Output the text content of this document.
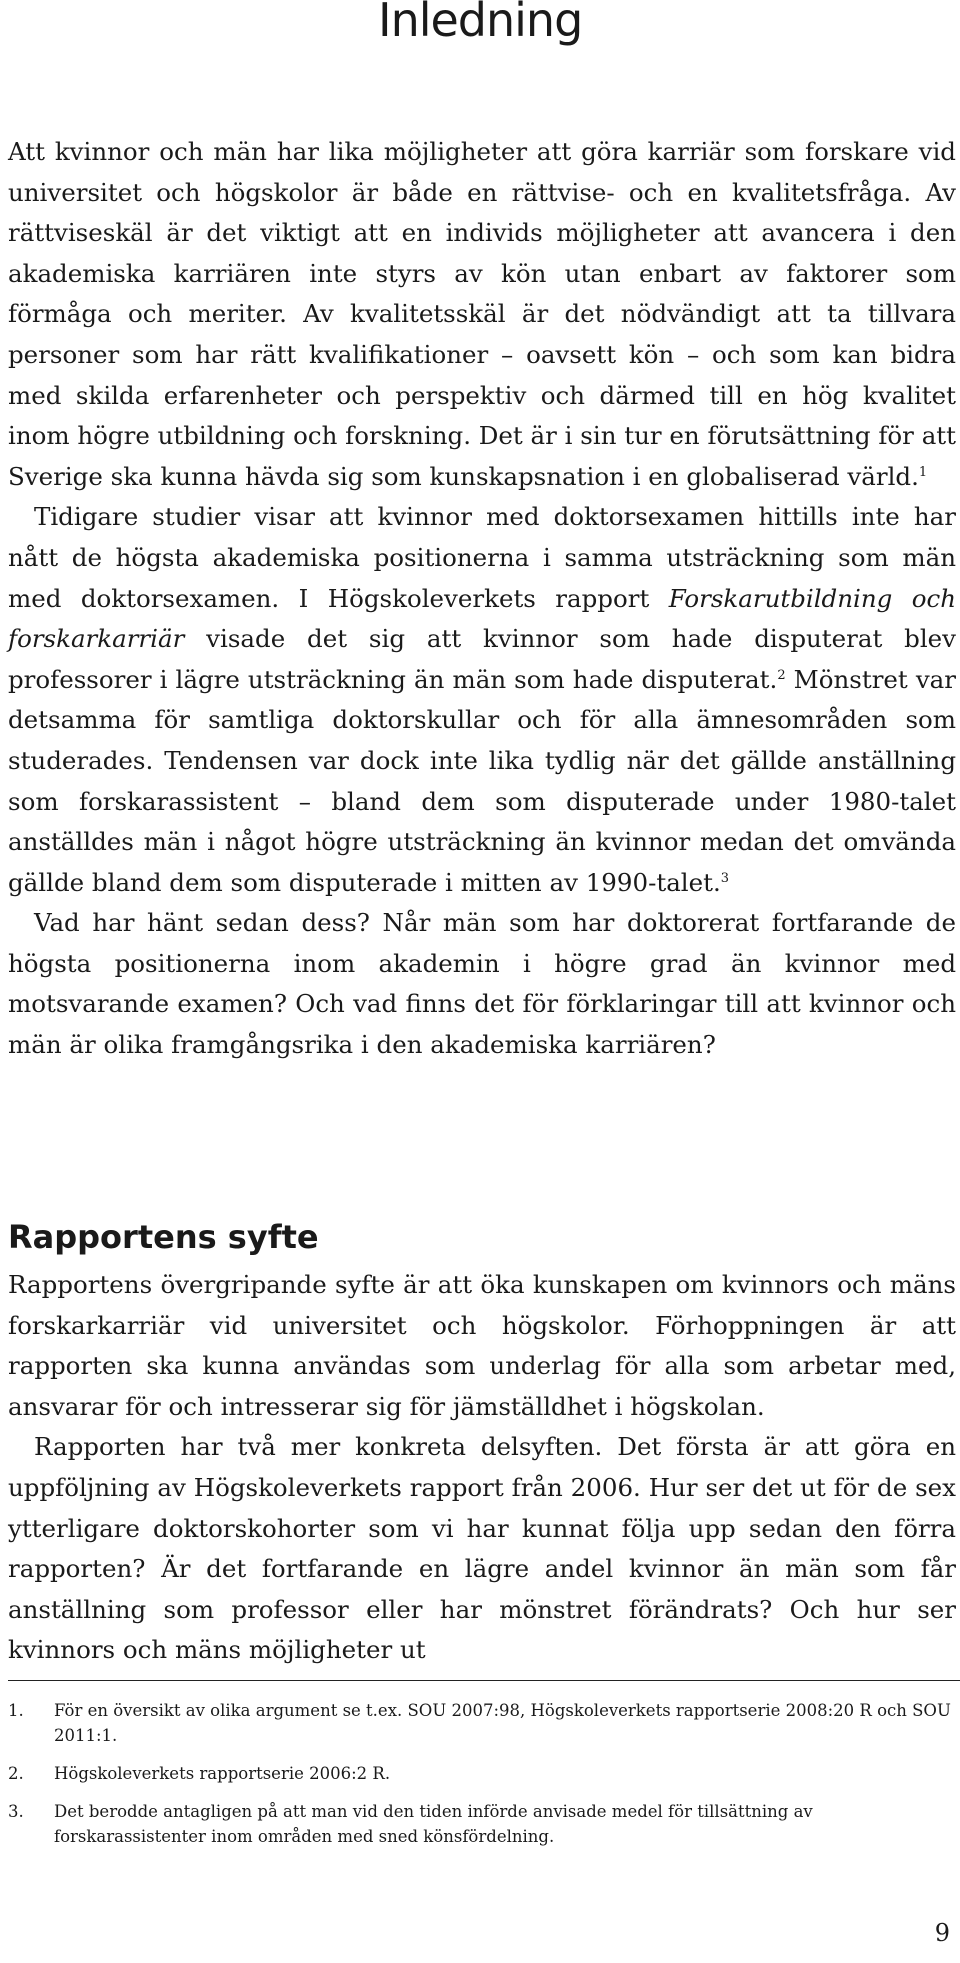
Inledning

Att kvinnor och män har lika möjligheter att göra karriär som forskare vid universitet och högskolor är både en rättvise- och en kvalitetsfråga. Av rättviseskäl är det viktigt att en individs möjligheter att avancera i den akademiska karriären inte styrs av kön utan enbart av faktorer som förmåga och meriter. Av kvalitetsskäl är det nödvändigt att ta tillvara personer som har rätt kvalifikationer – oavsett kön – och som kan bidra med skilda erfarenheter och perspektiv och därmed till en hög kvalitet inom högre utbildning och forskning. Det är i sin tur en förutsättning för att Sverige ska kunna hävda sig som kunskapsnation i en globaliserad värld.$^1$

Tidigare studier visar att kvinnor med doktorsexamen hittills inte har nått de högsta akademiska positionerna i samma utsträckning som män med doktorsexamen. I Högskoleverkets rapport Forskarutbildning och forskarkarriär visade det sig att kvinnor som hade disputerat blev professorer i lägre utsträckning än män som hade disputerat.$^2$ Mönstret var detsamma för samtliga doktorskullar och för alla ämnesområden som studerades. Tendensen var dock inte lika tydlig när det gällde anställning som forskarassistent – bland dem som disputerade under 1980-talet anställdes män i något högre utsträckning än kvinnor medan det omvända gällde bland dem som disputerade i mitten av 1990-talet.$^3$

Vad har hänt sedan dess? Når män som har doktorerat fortfarande de högsta positionerna inom akademin i högre grad än kvinnor med motsvarande examen? Och vad finns det för förklaringar till att kvinnor och män är olika framgångsrika i den akademiska karriären?

Rapportens syfte

Rapportens övergripande syfte är att öka kunskapen om kvinnors och mäns forskarkarriär vid universitet och högskolor. Förhoppningen är att rapporten ska kunna användas som underlag för alla som arbetar med, ansvarar för och intresserar sig för jämställdhet i högskolan.

Rapporten har två mer konkreta delsyften. Det första är att göra en uppföljning av Högskoleverkets rapport från 2006. Hur ser det ut för de sex ytterligare doktorskohorter som vi har kunnat följa upp sedan den förra rapporten? Är det fortfarande en lägre andel kvinnor än män som får anställning som professor eller har mönstret förändrats? Och hur ser kvinnors och mäns möjligheter ut

1.	För en översikt av olika argument se t.ex. SOU 2007:98, Högskoleverkets rapportserie 2008:20 R och SOU 2011:1.
2.	Högskoleverkets rapportserie 2006:2 R.
3.	Det berodde antagligen på att man vid den tiden införde anvisade medel för tillsättning av forskarassistenter inom områden med sned könsfördelning.
9
